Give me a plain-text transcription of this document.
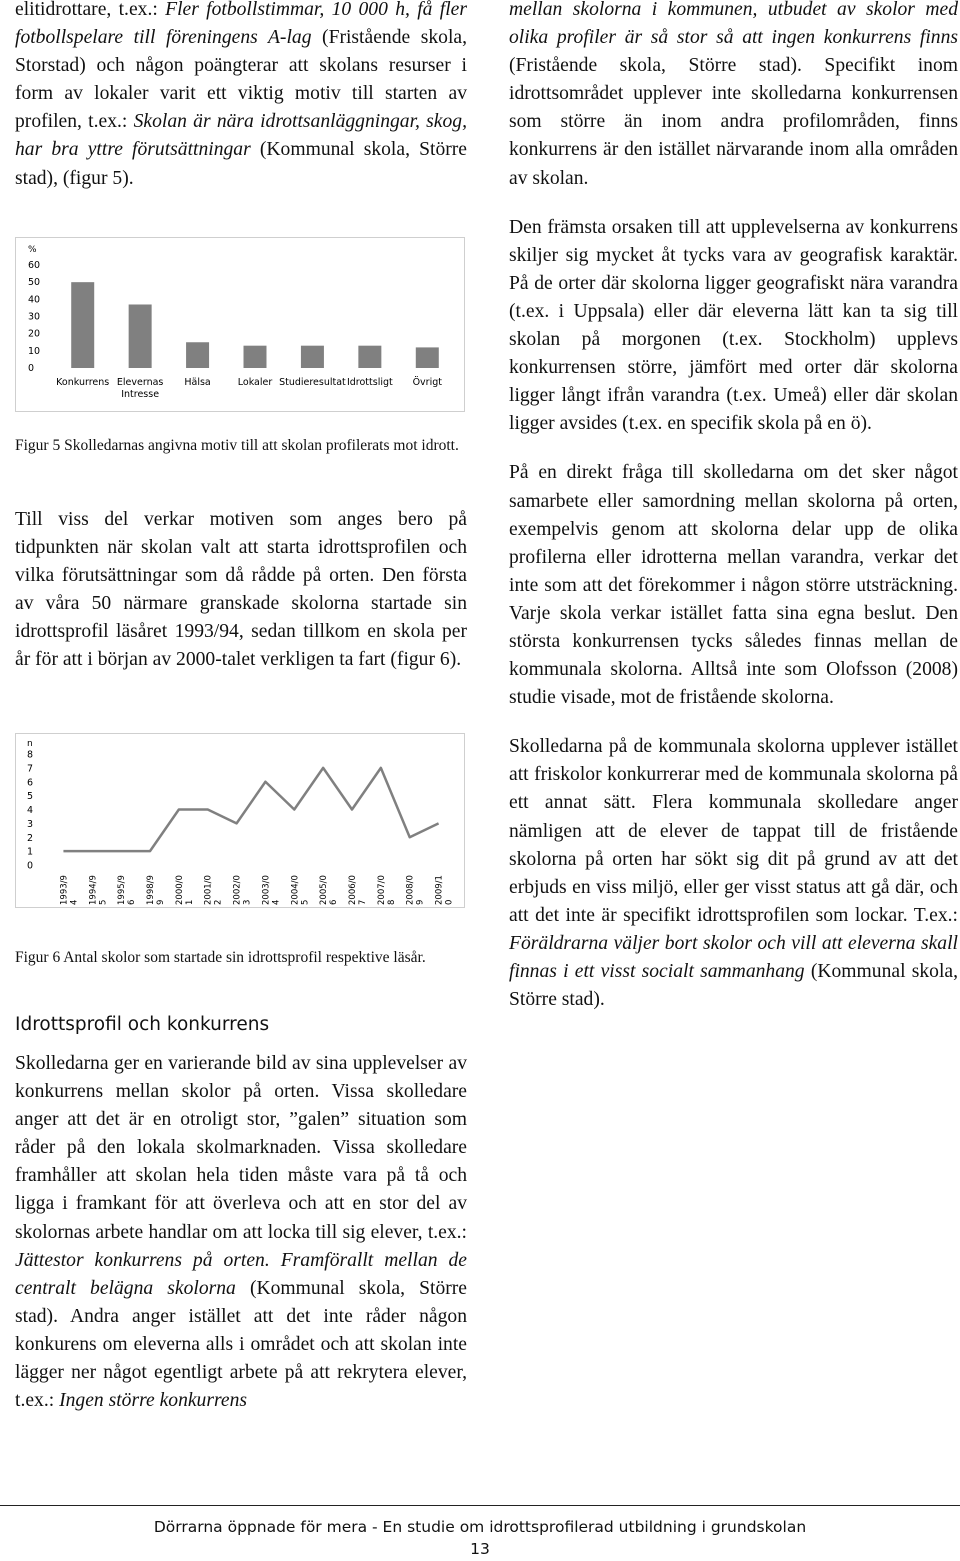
elitidrottare, t.ex.: Fler fotbollstimmar, 10 000 h, få fler fotbollspelare till föreningens A-lag (Fristående skola, Storstad) och någon poängterar att skolans resurser i form av lokaler varit ett viktig motiv till starten av profilen, t.ex.: Skolan är nära idrottsanläggningar, skog, har bra yttre förutsättningar (Kommunal skola, Större stad), (figur 5).

%
60
50
40
30
20
10
0
Konkurrens Elevernas
Intresse
Hälsa	Lokaler Studieresultat Idrottsligt Övrigt
Figur 5 Skolledarnas angivna motiv till att skolan profilerats mot idrott.

Till viss del verkar motiven som anges bero på tidpunkten när skolan valt att starta idrottsprofilen och vilka förutsättningar som då rådde på orten. Den första av våra 50 närmare granskade skolorna startade sin idrottsprofil läsåret 1993/94, sedan tillkom en skola per år för att i början av 2000-talet verkligen ta fart (figur 6).

n
8
7
6
5
4
3
2
1
0
1993/94 1994/95 1995/96 1998/99 2000/01 2001/02 2002/03 2003/04 2004/05 2005/06 2006/07 2007/08 2008/09 2009/10
Figur 6 Antal skolor som startade sin idrottsprofil respektive läsår.
Idrottsprofil och konkurrens

Skolledarna ger en varierande bild av sina upplevelser av konkurrens mellan skolor på orten. Vissa skolledare anger att det är en otroligt stor, ”galen” situation som råder på den lokala skolmarknaden. Vissa skolledare framhåller att skolan hela tiden måste vara på tå och ligga i framkant för att överleva och att en stor del av skolornas arbete handlar om att locka till sig elever, t.ex.: Jättestor konkurrens på orten. Framförallt mellan de centralt belägna skolorna (Kommunal skola, Större stad). Andra anger istället att det inte råder någon konkurens om eleverna alls i området och att skolan inte lägger ner något egentligt arbete på att rekrytera elever, t.ex.: Ingen större konkurrens

mellan skolorna i kommunen, utbudet av skolor med olika profiler är så stor så att ingen konkurrens finns (Fristående skola, Större stad). Specifikt inom idrottsområdet upplever inte skolledarna konkurrensen som större än inom andra profilområden, finns konkurrens är den istället närvarande inom alla områden av skolan.

Den främsta orsaken till att upplevelserna av konkurrens skiljer sig mycket åt tycks vara av geografisk karaktär. På de orter där skolorna ligger geografiskt nära varandra (t.ex. i Uppsala) eller där eleverna lätt kan ta sig till skolan på morgonen (t.ex. Stockholm) upplevs konkurrensen större, jämfört med orter där skolorna ligger långt ifrån varandra (t.ex. Umeå) eller där skolan ligger avsides (t.ex. en specifik skola på en ö).

På en direkt fråga till skolledarna om det sker något samarbete eller samordning mellan skolorna på orten, exempelvis genom att skolorna delar upp de olika profilerna eller idrotterna mellan varandra, verkar det inte som att det förekommer i någon större utsträckning. Varje skola verkar istället fatta sina egna beslut. Den största konkurrensen tycks således finnas mellan de kommunala skolorna. Alltså inte som Olofsson (2008) studie visade, mot de fristående skolorna.

Skolledarna på de kommunala skolorna upplever istället att friskolor konkurrerar med de kommunala skolorna på ett annat sätt. Flera kommunala skolledare anger nämligen att de elever de tappat till de fristående skolorna på orten har sökt sig dit på grund av att det erbjuds en viss miljö, eller ger visst status att gå där, och att det inte är specifikt idrottsprofilen som lockar. T.ex.: Föräldrarna väljer bort skolor och vill att eleverna skall finnas i ett visst socialt sammanhang (Kommunal skola, Större stad).

Dörrarna öppnade för mera - En studie om idrottsprofilerad utbildning i grundskolan
13
